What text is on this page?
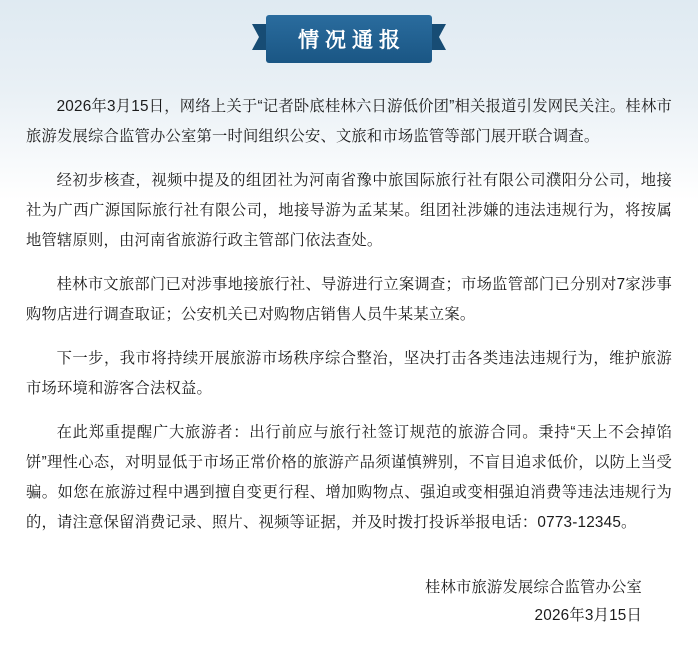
情况通报

2026年3月15日，网络上关于“记者卧底桂林六日游低价团”相关报道引发网民关注。桂林市旅游发展综合监管办公室第一时间组织公安、文旅和市场监管等部门展开联合调查。

经初步核查，视频中提及的组团社为河南省豫中旅国际旅行社有限公司濮阳分公司，地接社为广西广源国际旅行社有限公司，地接导游为孟某某。组团社涉嫌的违法违规行为，将按属地管辖原则，由河南省旅游行政主管部门依法查处。

桂林市文旅部门已对涉事地接旅行社、导游进行立案调查；市场监管部门已分别对7家涉事购物店进行调查取证；公安机关已对购物店销售人员牛某某立案。

下一步，我市将持续开展旅游市场秩序综合整治，坚决打击各类违法违规行为，维护旅游市场环境和游客合法权益。

在此郑重提醒广大旅游者：出行前应与旅行社签订规范的旅游合同。秉持“天上不会掉馅饼”理性心态，对明显低于市场正常价格的旅游产品须谨慎辨别，不盲目追求低价，以防上当受骗。如您在旅游过程中遇到擅自变更行程、增加购物点、强迫或变相强迫消费等违法违规行为的，请注意保留消费记录、照片、视频等证据，并及时拨打投诉举报电话：0773-12345。

桂林市旅游发展综合监管办公室
2026年3月15日
